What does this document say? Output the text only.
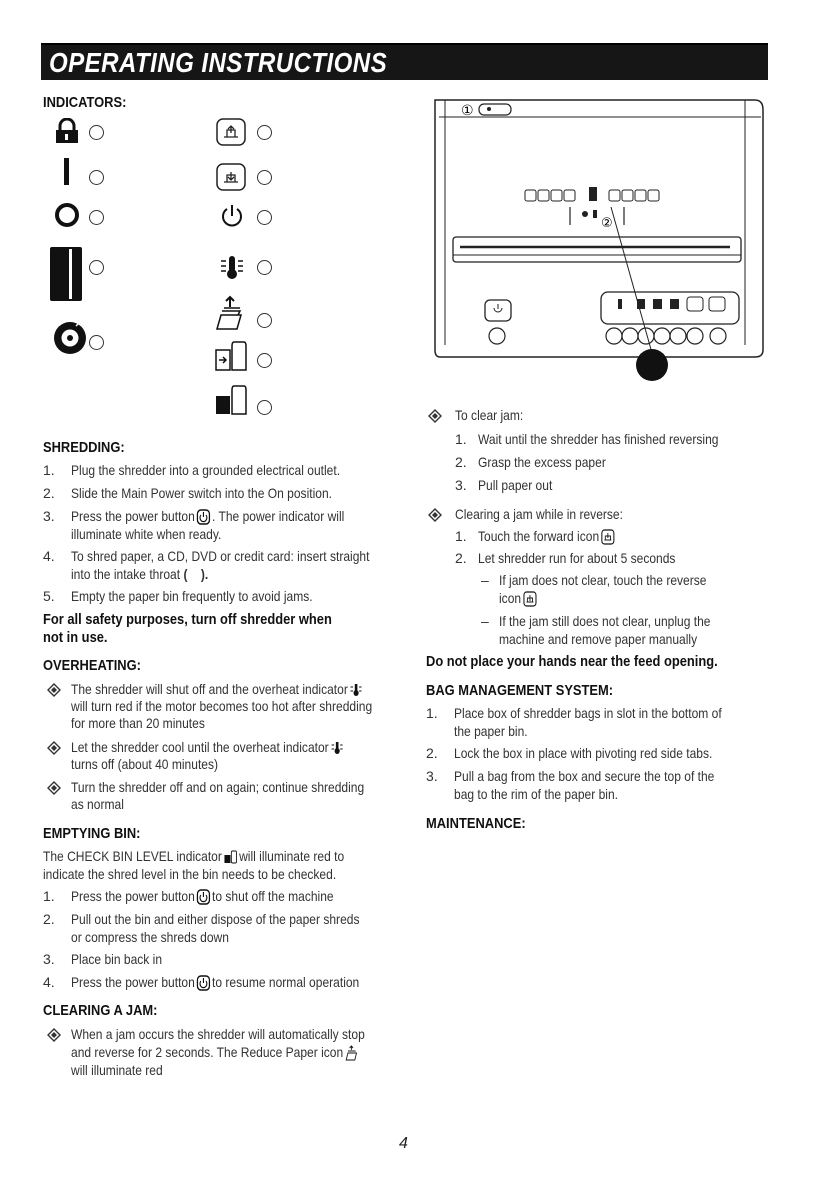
OPERATING INSTRUCTIONS
INDICATORS:
SHREDDING:
1. Plug the shredder into a grounded electrical outlet.
2. Slide the Main Power switch into the On position.
3. Press the power button . The power indicator will
illuminate white when ready.
4. To shred paper, a CD, DVD or credit card: insert straight
into the intake throat ( ).
5. Empty the paper bin frequently to avoid jams.
For all safety purposes, turn off shredder when
not in use.
OVERHEATING:
The shredder will shut off and the overheat indicator
will turn red if the motor becomes too hot after shredding
for more than 20 minutes
Let the shredder cool until the overheat indicator
turns off (about 40 minutes)
Turn the shredder off and on again; continue shredding
as normal
EMPTYING BIN:
The CHECK BIN LEVEL indicator will illuminate red to
indicate the shred level in the bin needs to be checked.
1. Press the power button to shut off the machine
2. Pull out the bin and either dispose of the paper shreds
or compress the shreds down
3. Place bin back in
4. Press the power button to resume normal operation
CLEARING A JAM:
When a jam occurs the shredder will automatically stop
and reverse for 2 seconds. The Reduce Paper icon
will illuminate red
①
②
To clear jam:
1. Wait until the shredder has finished reversing
2. Grasp the excess paper
3. Pull paper out
Clearing a jam while in reverse:
1. Touch the forward icon
2. Let shredder run for about 5 seconds
– If jam does not clear, touch the reverse
icon
– If the jam still does not clear, unplug the
machine and remove paper manually
Do not place your hands near the feed opening.
BAG MANAGEMENT SYSTEM:
1. Place box of shredder bags in slot in the bottom of
the paper bin.
2. Lock the box in place with pivoting red side tabs.
3. Pull a bag from the box and secure the top of the
bag to the rim of the paper bin.
MAINTENANCE:
4
